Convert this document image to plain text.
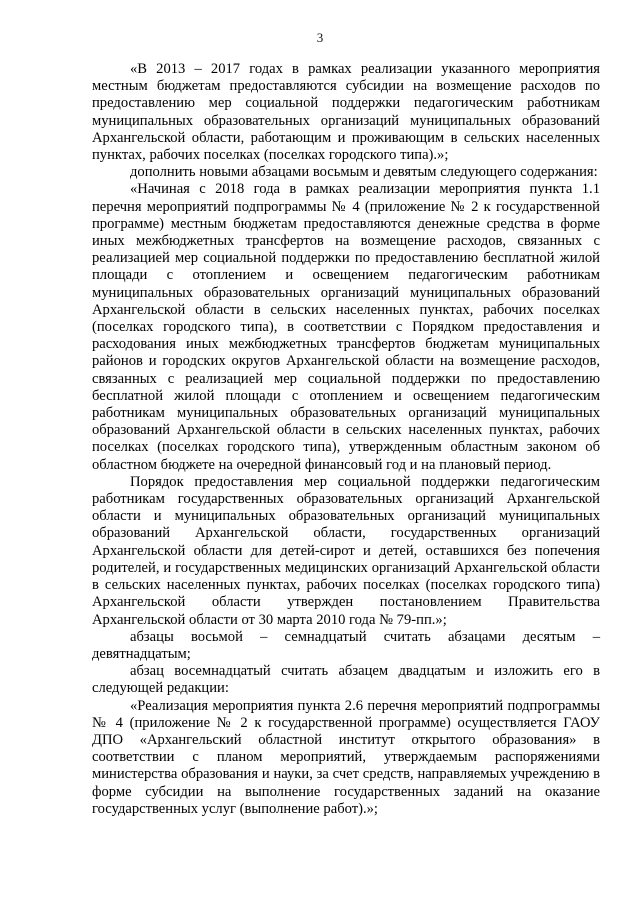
3

«В 2013 – 2017 годах в рамках реализации указанного мероприятия местным бюджетам предоставляются субсидии на возмещение расходов по предоставлению мер социальной поддержки педагогическим работникам муниципальных образовательных организаций муниципальных образований Архангельской области, работающим и проживающим в сельских населенных пунктах, рабочих поселках (поселках городского типа).»;

дополнить новыми абзацами восьмым и девятым следующего содержания:

«Начиная с 2018 года в рамках реализации мероприятия пункта 1.1 перечня мероприятий подпрограммы № 4 (приложение № 2 к государственной программе) местным бюджетам предоставляются денежные средства в форме иных межбюджетных трансфертов на возмещение расходов, связанных с реализацией мер социальной поддержки по предоставлению бесплатной жилой площади с отоплением и освещением педагогическим работникам муниципальных образовательных организаций муниципальных образований Архангельской области в сельских населенных пунктах, рабочих поселках (поселках городского типа), в соответствии с Порядком предоставления и расходования иных межбюджетных трансфертов бюджетам муниципальных районов и городских округов Архангельской области на возмещение расходов, связанных с реализацией мер социальной поддержки по предоставлению бесплатной жилой площади с отоплением и освещением педагогическим работникам муниципальных образовательных организаций муниципальных образований Архангельской области в сельских населенных пунктах, рабочих поселках (поселках городского типа), утвержденным областным законом об областном бюджете на очередной финансовый год и на плановый период.

Порядок предоставления мер социальной поддержки педагогическим работникам государственных образовательных организаций Архангельской области и муниципальных образовательных организаций муниципальных образований Архангельской области, государственных организаций Архангельской области для детей-сирот и детей, оставшихся без попечения родителей, и государственных медицинских организаций Архангельской области в сельских населенных пунктах, рабочих поселках (поселках городского типа) Архангельской области утвержден постановлением Правительства Архангельской области от 30 марта 2010 года № 79-пп.»;

абзацы восьмой – семнадцатый считать абзацами десятым – девятнадцатым;

абзац восемнадцатый считать абзацем двадцатым и изложить его в следующей редакции:

«Реализация мероприятия пункта 2.6 перечня мероприятий подпрограммы № 4 (приложение № 2 к государственной программе) осуществляется ГАОУ ДПО «Архангельский областной институт открытого образования» в соответствии с планом мероприятий, утверждаемым распоряжениями министерства образования и науки, за счет средств, направляемых учреждению в форме субсидии на выполнение государственных заданий на оказание государственных услуг (выполнение работ).»;
